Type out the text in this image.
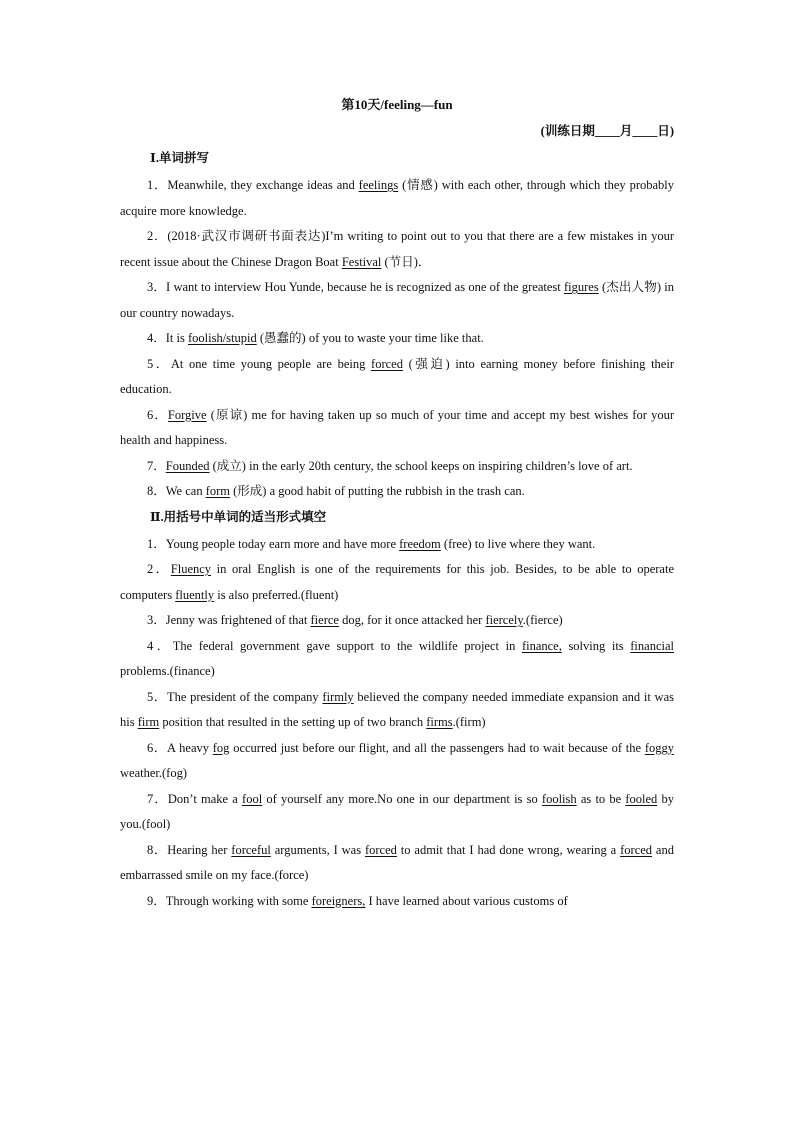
第10天/feeling—fun
(训练日期____月____日)
Ⅰ.单词拼写

1．Meanwhile, they exchange ideas and feelings (情感) with each other, through which they probably acquire more knowledge.

2．(2018·武汉市调研书面表达)I’m writing to point out to you that there are a few mistakes in your recent issue about the Chinese Dragon Boat Festival (节日)．

3．I want to interview Hou Yunde, because he is recognized as one of the greatest figures (杰出人物) in our country nowadays.

4．It is foolish/stupid (愚蠢的) of you to waste your time like that.

5．At one time young people are being forced (强迫) into earning money before finishing their education.

6．Forgive (原谅) me for having taken up so much of your time and accept my best wishes for your health and happiness.

7．Founded (成立) in the early 20th century, the school keeps on inspiring children’s love of art.

8．We can form (形成) a good habit of putting the rubbish in the trash can.

Ⅱ.用括号中单词的适当形式填空

1．Young people today earn more and have more freedom (free) to live where they want.

2．Fluency in oral English is one of the requirements for this job. Besides, to be able to operate computers fluently is also preferred.(fluent)

3．Jenny was frightened of that fierce dog, for it once attacked her fiercely.(fierce)

4．The federal government gave support to the wildlife project in finance, solving its financial problems.(finance)

5．The president of the company firmly believed the company needed immediate expansion and it was his firm position that resulted in the setting up of two branch firms.(firm)

6．A heavy fog occurred just before our flight, and all the passengers had to wait because of the foggy weather.(fog)

7．Don’t make a fool of yourself any more.No one in our department is so foolish as to be fooled by you.(fool)

8．Hearing her forceful arguments, I was forced to admit that I had done wrong, wearing a forced and embarrassed smile on my face.(force)

9．Through working with some foreigners, I have learned about various customs of
